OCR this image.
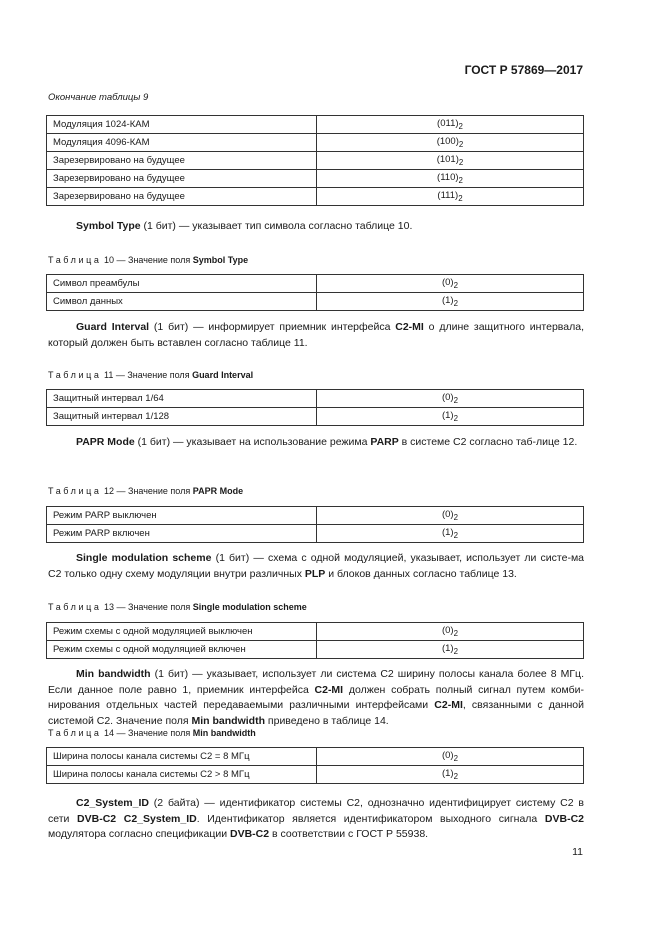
ГОСТ Р 57869—2017
Окончание таблицы 9
Модуляция 1024-КАМ	$(011)_2$
Модуляция 4096-КАМ	$(100)_2$
Зарезервировано на будущее	$(101)_2$
Зарезервировано на будущее	$(110)_2$
Зарезервировано на будущее	$(111)_2$
Symbol Type (1 бит) — указывает тип символа согласно таблице 10.
Таблица 10 — Значение поля Symbol Type
Символ преамбулы	$(0)_2$
Символ данных	$(1)_2$
Guard Interval (1 бит) — информирует приемник интерфейса C2-MI о длине защитного интервала, который должен быть вставлен согласно таблице 11.
Таблица 11 — Значение поля Guard Interval
Защитный интервал 1/64	$(0)_2$
Защитный интервал 1/128	$(1)_2$
PAPR Mode (1 бит) — указывает на использование режима PARP в системе С2 согласно таб-лице 12.
Таблица 12 — Значение поля PAPR Mode
Режим PARP выключен	$(0)_2$
Режим PARP включен	$(1)_2$
Single modulation scheme (1 бит) — схема с одной модуляцией, указывает, использует ли систе-ма С2 только одну схему модуляции внутри различных PLP и блоков данных согласно таблице 13.
Таблица 13 — Значение поля Single modulation scheme
Режим схемы с одной модуляцией выключен	$(0)_2$
Режим схемы с одной модуляцией включен	$(1)_2$
Min bandwidth (1 бит) — указывает, использует ли система С2 ширину полосы канала более 8 МГц. Если данное поле равно 1, приемник интерфейса C2-MI должен собрать полный сигнал путем комби-нирования отдельных частей передаваемыми различными интерфейсами C2-MI, связанными с данной системой С2. Значение поля Min bandwidth приведено в таблице 14.
Таблица 14 — Значение поля Min bandwidth
Ширина полосы канала системы С2 = 8 МГц	$(0)_2$
Ширина полосы канала системы С2 > 8 МГц	$(1)_2$
C2_System_ID (2 байта) — идентификатор системы С2, однозначно идентифицирует систему С2 в сети DVB-C2 C2_System_ID. Идентификатор является идентификатором выходного сигнала DVB-C2 модулятора согласно спецификации DVB-C2 в соответствии с ГОСТ Р 55938.
11
